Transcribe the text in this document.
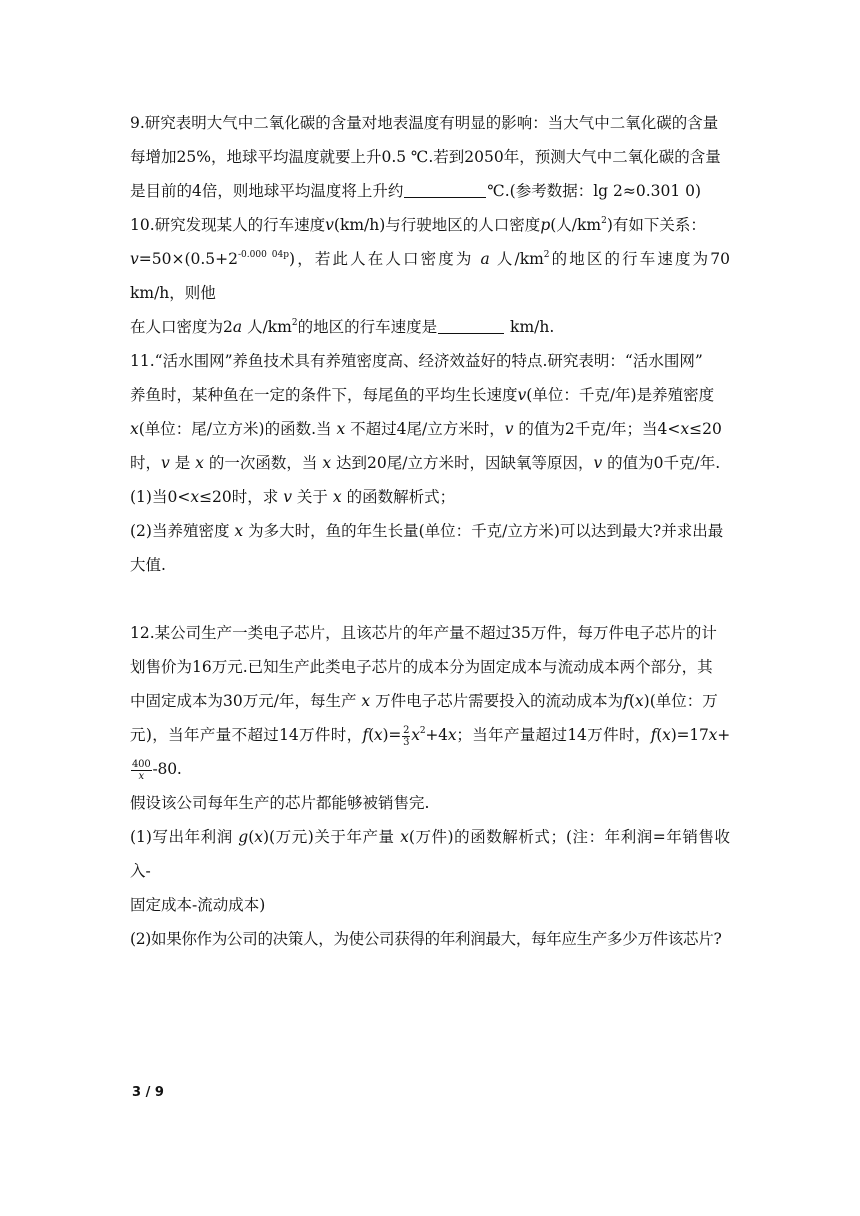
9.研究表明大气中二氧化碳的含量对地表温度有明显的影响：当大气中二氧化碳的含量

每增加25%，地球平均温度就要上升0.5 ℃.若到2050年，预测大气中二氧化碳的含量

是目前的4倍，则地球平均温度将上升约	℃.(参考数据：lg 2≈0.301 0)

10.研究发现某人的行车速度v(km/h)与行驶地区的人口密度p(人$/km^2$)有如下关系：

$v=50\times(0.5+2^{-0.000 04p})$，若此人在人口密度为 a 人$/km^2$的地区的行车速度为70 km/h，则他

在人口密度为2a 人$/km^2$的地区的行车速度是	km/h.

11.“活水围网”养鱼技术具有养殖密度高、经济效益好的特点.研究表明：“活水围网”

养鱼时，某种鱼在一定的条件下，每尾鱼的平均生长速度v(单位：千克/年)是养殖密度

x(单位：尾/立方米)的函数.当 x 不超过4尾/立方米时，v 的值为2千克/年；当4<x≤20

时，v 是 x 的一次函数，当 x 达到20尾/立方米时，因缺氧等原因，v 的值为0千克/年.

(1)当0<x≤20时，求 v 关于 x 的函数解析式；

(2)当养殖密度 x 为多大时，鱼的年生长量(单位：千克/立方米)可以达到最大?并求出最

大值.

12.某公司生产一类电子芯片，且该芯片的年产量不超过35万件，每万件电子芯片的计

划售价为16万元.已知生产此类电子芯片的成本分为固定成本与流动成本两个部分，其

中固定成本为30万元/年，每生产 x 万件电子芯片需要投入的流动成本为f(x)(单位：万

元)，当年产量不超过14万件时，$f(x)= \frac{2}{3} x^2+4x$；当年产量超过14万件时，f(x)=17x+
$\frac{400}{x}-80$.

假设该公司每年生产的芯片都能够被销售完.

(1)写出年利润 g(x)(万元)关于年产量 x(万件)的函数解析式；(注：年利润=年销售收入-

固定成本-流动成本)

(2)如果你作为公司的决策人，为使公司获得的年利润最大，每年应生产多少万件该芯片?

3 / 9
